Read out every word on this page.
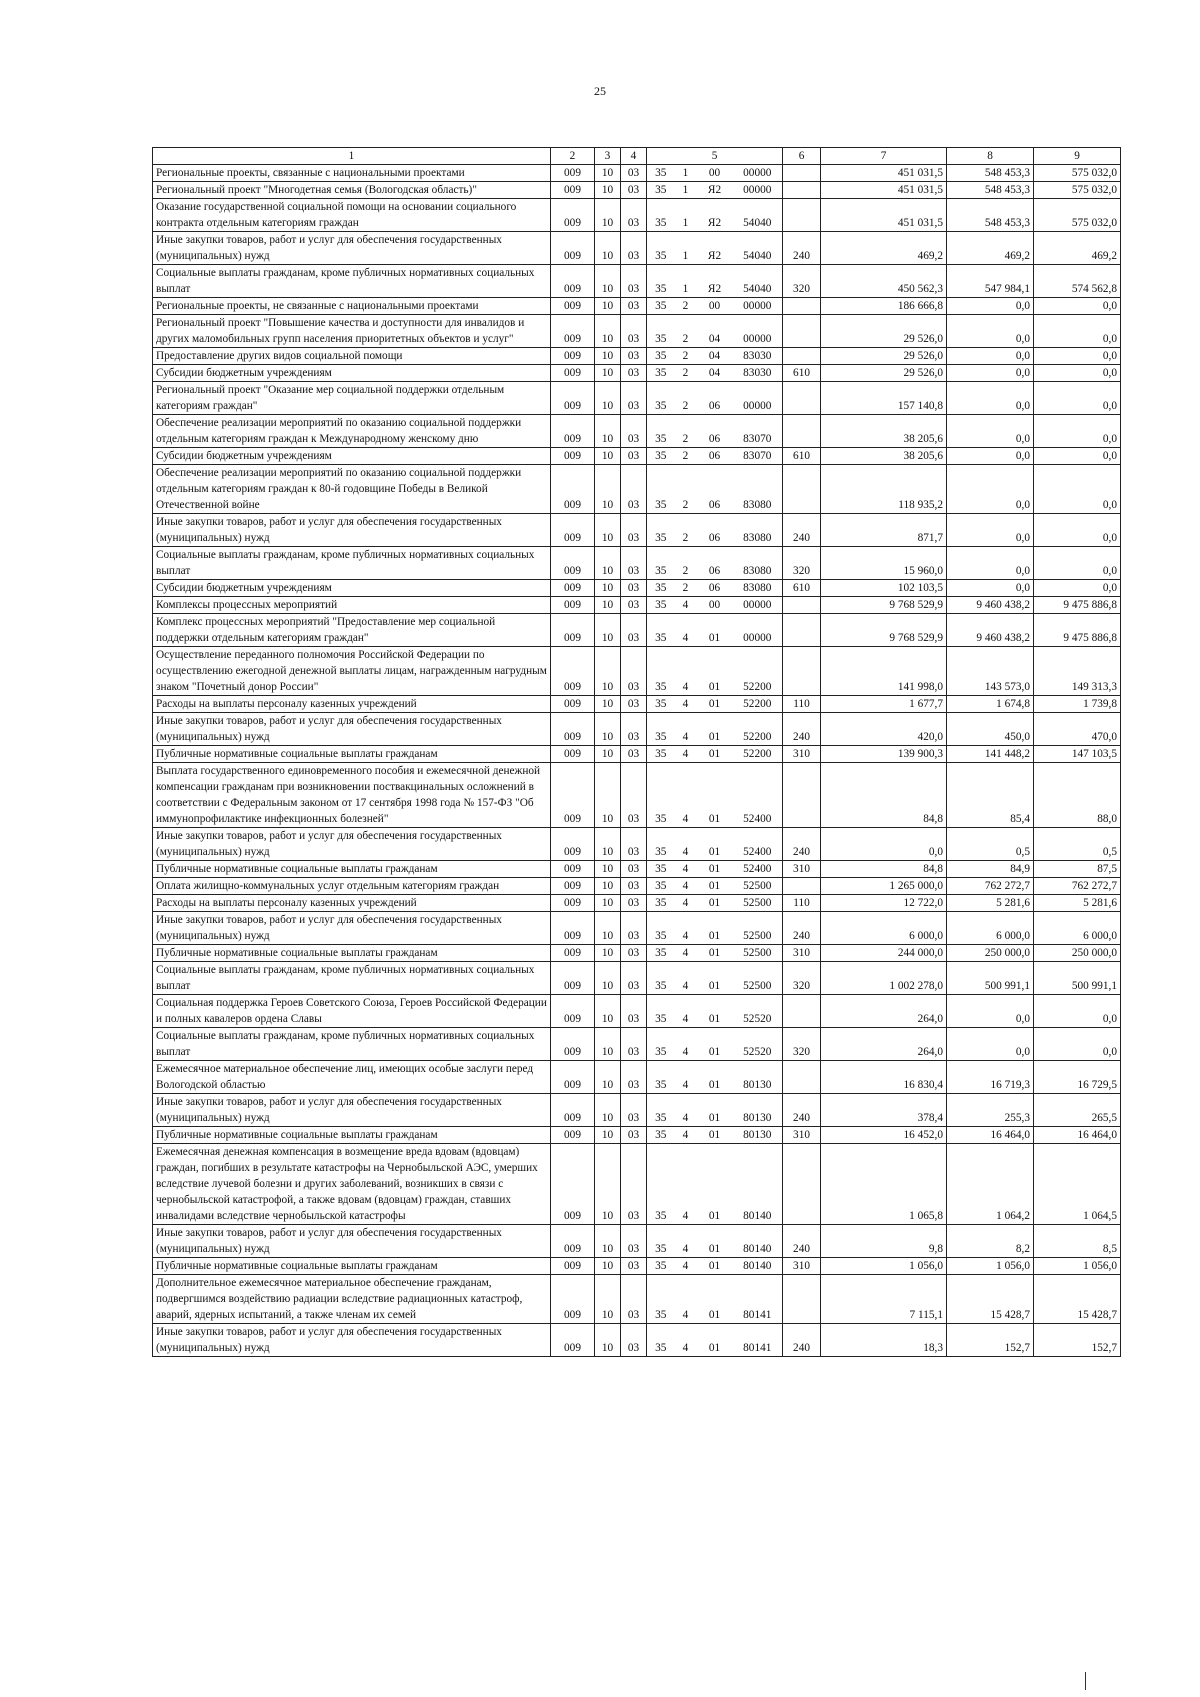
25
1	2	3	4	5				6	7	8	9
Региональные проекты, связанные с национальными проектами	009	10	03	35	1	00	00000		451 031,5	548 453,3	575 032,0
Региональный проект "Многодетная семья (Вологодская область)"	009	10	03	35	1	Я2	00000		451 031,5	548 453,3	575 032,0
Оказание государственной социальной помощи на основании социального контракта отдельным категориям граждан	009	10	03	35	1	Я2	54040		451 031,5	548 453,3	575 032,0
Иные закупки товаров, работ и услуг для обеспечения государственных (муниципальных) нужд	009	10	03	35	1	Я2	54040	240	469,2	469,2	469,2
Социальные выплаты гражданам, кроме публичных нормативных социальных выплат	009	10	03	35	1	Я2	54040	320	450 562,3	547 984,1	574 562,8
Региональные проекты, не связанные с национальными проектами	009	10	03	35	2	00	00000		186 666,8	0,0	0,0
Региональный проект "Повышение качества и доступности для инвалидов и других маломобильных групп населения приоритетных объектов и услуг"	009	10	03	35	2	04	00000		29 526,0	0,0	0,0
Предоставление других видов социальной помощи	009	10	03	35	2	04	83030		29 526,0	0,0	0,0
Субсидии бюджетным учреждениям	009	10	03	35	2	04	83030	610	29 526,0	0,0	0,0
Региональный проект "Оказание мер социальной поддержки отдельным категориям граждан"	009	10	03	35	2	06	00000		157 140,8	0,0	0,0
Обеспечение реализации мероприятий по оказанию социальной поддержки отдельным категориям граждан к Международному женскому дню	009	10	03	35	2	06	83070		38 205,6	0,0	0,0
Субсидии бюджетным учреждениям	009	10	03	35	2	06	83070	610	38 205,6	0,0	0,0
Обеспечение реализации мероприятий по оказанию социальной поддержки отдельным категориям граждан к 80-й годовщине Победы в Великой Отечественной войне	009	10	03	35	2	06	83080		118 935,2	0,0	0,0
Иные закупки товаров, работ и услуг для обеспечения государственных (муниципальных) нужд	009	10	03	35	2	06	83080	240	871,7	0,0	0,0
Социальные выплаты гражданам, кроме публичных нормативных социальных выплат	009	10	03	35	2	06	83080	320	15 960,0	0,0	0,0
Субсидии бюджетным учреждениям	009	10	03	35	2	06	83080	610	102 103,5	0,0	0,0
Комплексы процессных мероприятий	009	10	03	35	4	00	00000		9 768 529,9	9 460 438,2	9 475 886,8
Комплекс процессных мероприятий "Предоставление мер социальной поддержки отдельным категориям граждан"	009	10	03	35	4	01	00000		9 768 529,9	9 460 438,2	9 475 886,8
Осуществление переданного полномочия Российской Федерации по осуществлению ежегодной денежной выплаты лицам, награжденным нагрудным знаком "Почетный донор России"	009	10	03	35	4	01	52200		141 998,0	143 573,0	149 313,3
Расходы на выплаты персоналу казенных учреждений	009	10	03	35	4	01	52200	110	1 677,7	1 674,8	1 739,8
Иные закупки товаров, работ и услуг для обеспечения государственных (муниципальных) нужд	009	10	03	35	4	01	52200	240	420,0	450,0	470,0
Публичные нормативные социальные выплаты гражданам	009	10	03	35	4	01	52200	310	139 900,3	141 448,2	147 103,5
Выплата государственного единовременного пособия и ежемесячной денежной компенсации гражданам при возникновении поствакцинальных осложнений в соответствии с Федеральным законом от 17 сентября 1998 года № 157-ФЗ "Об иммунопрофилактике инфекционных болезней"	009	10	03	35	4	01	52400		84,8	85,4	88,0
Иные закупки товаров, работ и услуг для обеспечения государственных (муниципальных) нужд	009	10	03	35	4	01	52400	240	0,0	0,5	0,5
Публичные нормативные социальные выплаты гражданам	009	10	03	35	4	01	52400	310	84,8	84,9	87,5
Оплата жилищно-коммунальных услуг отдельным категориям граждан	009	10	03	35	4	01	52500		1 265 000,0	762 272,7	762 272,7
Расходы на выплаты персоналу казенных учреждений	009	10	03	35	4	01	52500	110	12 722,0	5 281,6	5 281,6
Иные закупки товаров, работ и услуг для обеспечения государственных (муниципальных) нужд	009	10	03	35	4	01	52500	240	6 000,0	6 000,0	6 000,0
Публичные нормативные социальные выплаты гражданам	009	10	03	35	4	01	52500	310	244 000,0	250 000,0	250 000,0
Социальные выплаты гражданам, кроме публичных нормативных социальных выплат	009	10	03	35	4	01	52500	320	1 002 278,0	500 991,1	500 991,1
Социальная поддержка Героев Советского Союза, Героев Российской Федерации и полных кавалеров ордена Славы	009	10	03	35	4	01	52520		264,0	0,0	0,0
Социальные выплаты гражданам, кроме публичных нормативных социальных выплат	009	10	03	35	4	01	52520	320	264,0	0,0	0,0
Ежемесячное материальное обеспечение лиц, имеющих особые заслуги перед Вологодской областью	009	10	03	35	4	01	80130		16 830,4	16 719,3	16 729,5
Иные закупки товаров, работ и услуг для обеспечения государственных (муниципальных) нужд	009	10	03	35	4	01	80130	240	378,4	255,3	265,5
Публичные нормативные социальные выплаты гражданам	009	10	03	35	4	01	80130	310	16 452,0	16 464,0	16 464,0
Ежемесячная денежная компенсация в возмещение вреда вдовам (вдовцам) граждан, погибших в результате катастрофы на Чернобыльской АЭС, умерших вследствие лучевой болезни и других заболеваний, возникших в связи с чернобыльской катастрофой, а также вдовам (вдовцам) граждан, ставших инвалидами вследствие чернобыльской катастрофы	009	10	03	35	4	01	80140		1 065,8	1 064,2	1 064,5
Иные закупки товаров, работ и услуг для обеспечения государственных (муниципальных) нужд	009	10	03	35	4	01	80140	240	9,8	8,2	8,5
Публичные нормативные социальные выплаты гражданам	009	10	03	35	4	01	80140	310	1 056,0	1 056,0	1 056,0
Дополнительное ежемесячное материальное обеспечение гражданам, подвергшимся воздействию радиации вследствие радиационных катастроф, аварий, ядерных испытаний, а также членам их семей	009	10	03	35	4	01	80141		7 115,1	15 428,7	15 428,7
Иные закупки товаров, работ и услуг для обеспечения государственных (муниципальных) нужд	009	10	03	35	4	01	80141	240	18,3	152,7	152,7
